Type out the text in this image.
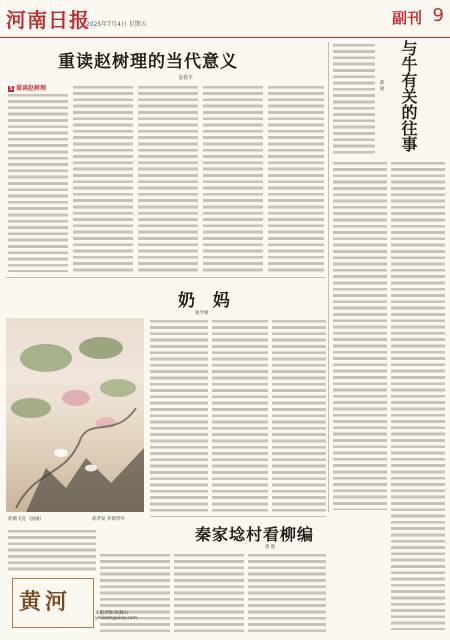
河南日报
2025年7月4日 星期五	副刊 9
重读赵树理的当代意义
金春平
S 重读赵树理	与牛有关的往事
薛 斌
奶 妈
张学燕
荷塘飞凫（国画）	胡孝发 乔瑞琴作
秦家埝村看柳编
曾 皓
黄河	本版责编 陈燕山
yellowh@sina.com
